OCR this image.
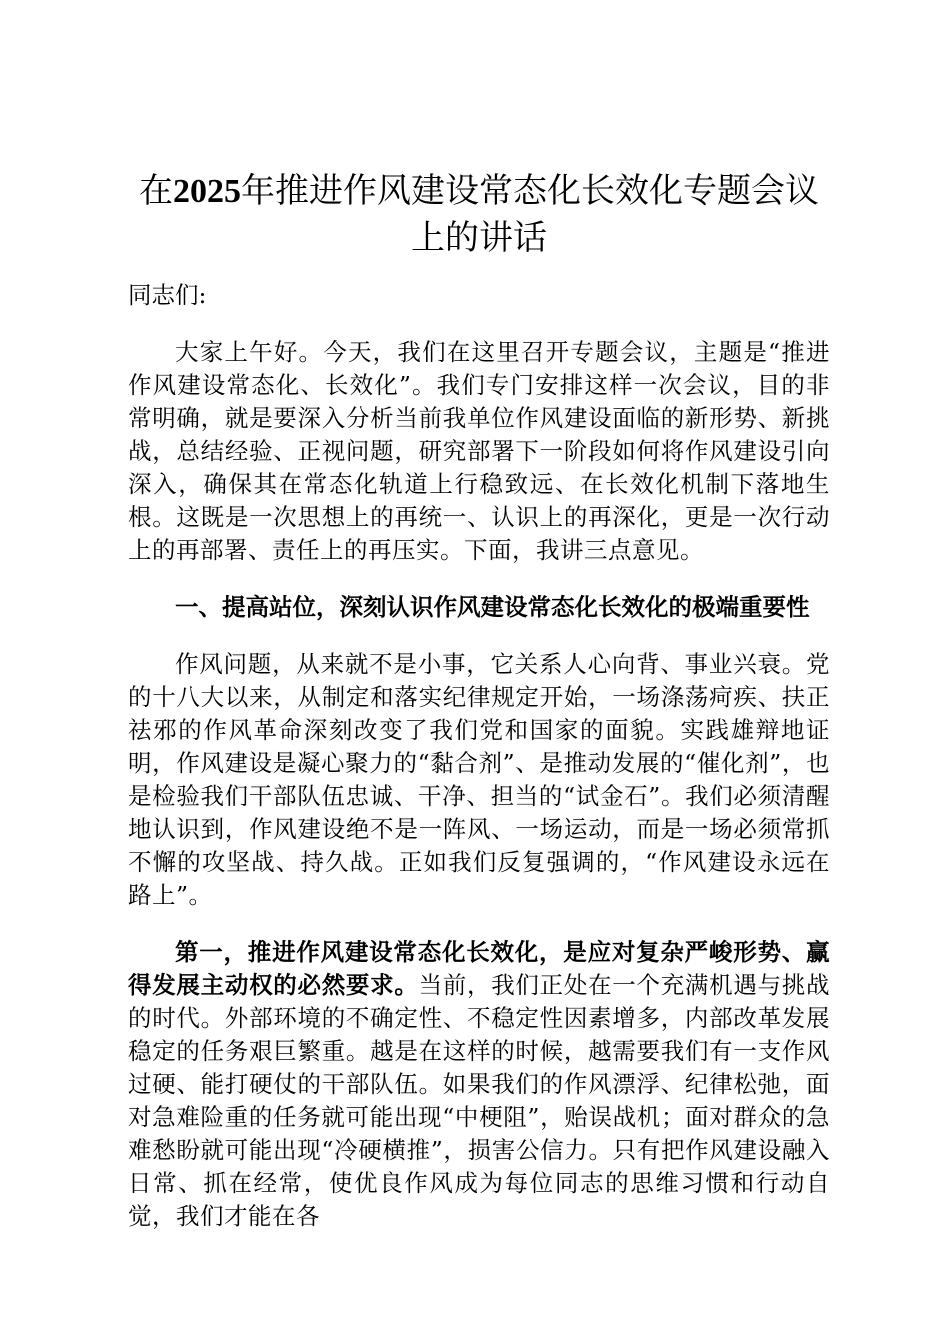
在2025年推进作风建设常态化长效化专题会议上的讲话

同志们:

大家上午好。今天，我们在这里召开专题会议，主题是“推进作风建设常态化、长效化”。我们专门安排这样一次会议，目的非常明确，就是要深入分析当前我单位作风建设面临的新形势、新挑战，总结经验、正视问题，研究部署下一阶段如何将作风建设引向深入，确保其在常态化轨道上行稳致远、在长效化机制下落地生根。这既是一次思想上的再统一、认识上的再深化，更是一次行动上的再部署、责任上的再压实。下面，我讲三点意见。

一、提高站位，深刻认识作风建设常态化长效化的极端重要性

作风问题，从来就不是小事，它关系人心向背、事业兴衰。党的十八大以来，从制定和落实纪律规定开始，一场涤荡疴疾、扶正祛邪的作风革命深刻改变了我们党和国家的面貌。实践雄辩地证明，作风建设是凝心聚力的“黏合剂”、是推动发展的“催化剂”，也是检验我们干部队伍忠诚、干净、担当的“试金石”。我们必须清醒地认识到，作风建设绝不是一阵风、一场运动，而是一场必须常抓不懈的攻坚战、持久战。正如我们反复强调的，“作风建设永远在路上”。

第一，推进作风建设常态化长效化，是应对复杂严峻形势、赢得发展主动权的必然要求。当前，我们正处在一个充满机遇与挑战的时代。外部环境的不确定性、不稳定性因素增多，内部改革发展稳定的任务艰巨繁重。越是在这样的时候，越需要我们有一支作风过硬、能打硬仗的干部队伍。如果我们的作风漂浮、纪律松弛，面对急难险重的任务就可能出现“中梗阻”，贻误战机；面对群众的急难愁盼就可能出现“冷硬横推”，损害公信力。只有把作风建设融入日常、抓在经常，使优良作风成为每位同志的思维习惯和行动自觉，我们才能在各
